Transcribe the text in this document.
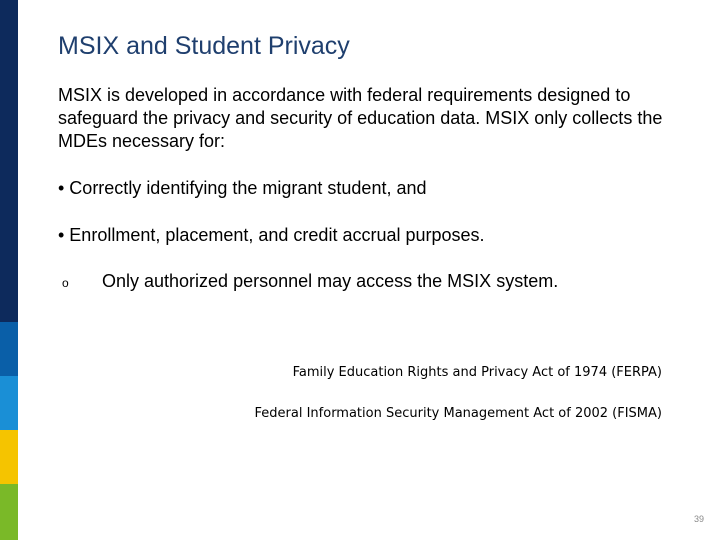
MSIX and Student Privacy

MSIX is developed in accordance with federal requirements designed to safeguard the privacy and security of education data. MSIX only collects the MDEs necessary for:

• Correctly identifying the migrant student, and

• Enrollment, placement, and credit accrual purposes.

o Only authorized personnel may access the MSIX system.

Family Education Rights and Privacy Act of 1974 (FERPA)

Federal Information Security Management Act of 2002 (FISMA)

39
